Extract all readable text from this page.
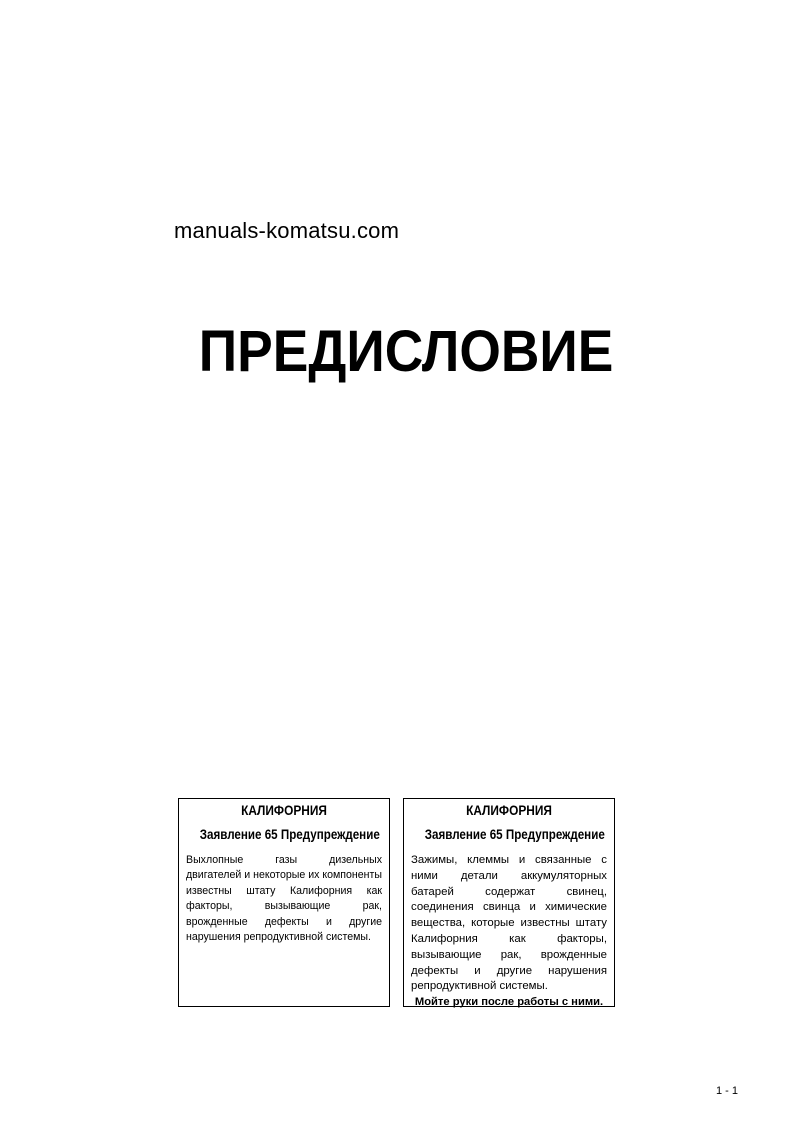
manuals-komatsu.com
ПРЕДИСЛОВИЕ
КАЛИФОРНИЯ
Заявление 65 Предупреждение
Выхлопные газы дизельных двигателей и некоторые их компоненты известны штату Калифорния как факторы, вызывающие рак, врожденные дефекты и другие нарушения репродуктивной системы.
КАЛИФОРНИЯ
Заявление 65 Предупреждение
Зажимы, клеммы и связанные с ними детали аккумуляторных батарей содержат свинец, соединения свинца и химические вещества, которые известны штату Калифорния как факторы, вызывающие рак, врожденные дефекты и другие нарушения репродуктивной системы.
Мойте руки после работы с ними.
1 - 1
